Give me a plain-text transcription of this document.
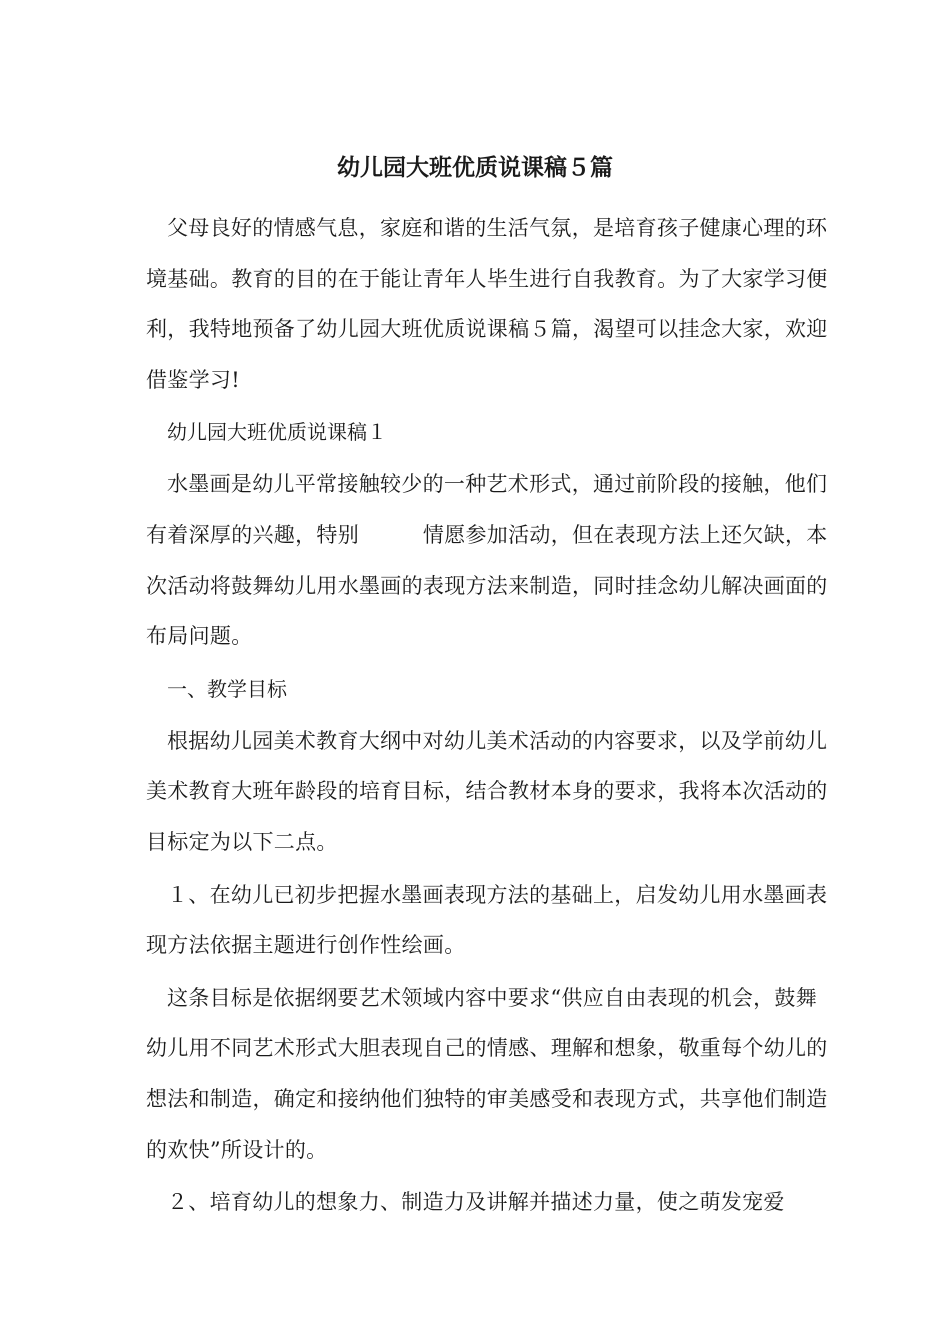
幼儿园大班优质说课稿５篇

父母良好的情感气息，家庭和谐的生活气氛，是培育孩子健康心理的环境基础。教育的目的在于能让青年人毕生进行自我教育。为了大家学习便利，我特地预备了幼儿园大班优质说课稿５篇，渴望可以挂念大家，欢迎借鉴学习!

幼儿园大班优质说课稿１

水墨画是幼儿平常接触较少的一种艺术形式，通过前阶段的接触，他们有着深厚的兴趣，特别　　　情愿参加活动，但在表现方法上还欠缺，本次活动将鼓舞幼儿用水墨画的表现方法来制造，同时挂念幼儿解决画面的布局问题。

一、教学目标

根据幼儿园美术教育大纲中对幼儿美术活动的内容要求，以及学前幼儿美术教育大班年龄段的培育目标，结合教材本身的要求，我将本次活动的目标定为以下二点。

１、在幼儿已初步把握水墨画表现方法的基础上，启发幼儿用水墨画表现方法依据主题进行创作性绘画。

这条目标是依据纲要艺术领域内容中要求“供应自由表现的机会，鼓舞幼儿用不同艺术形式大胆表现自己的情感、理解和想象，敬重每个幼儿的想法和制造，确定和接纳他们独特的审美感受和表现方式，共享他们制造的欢快”所设计的。

２、培育幼儿的想象力、制造力及讲解并描述力量，使之萌发宠爱
